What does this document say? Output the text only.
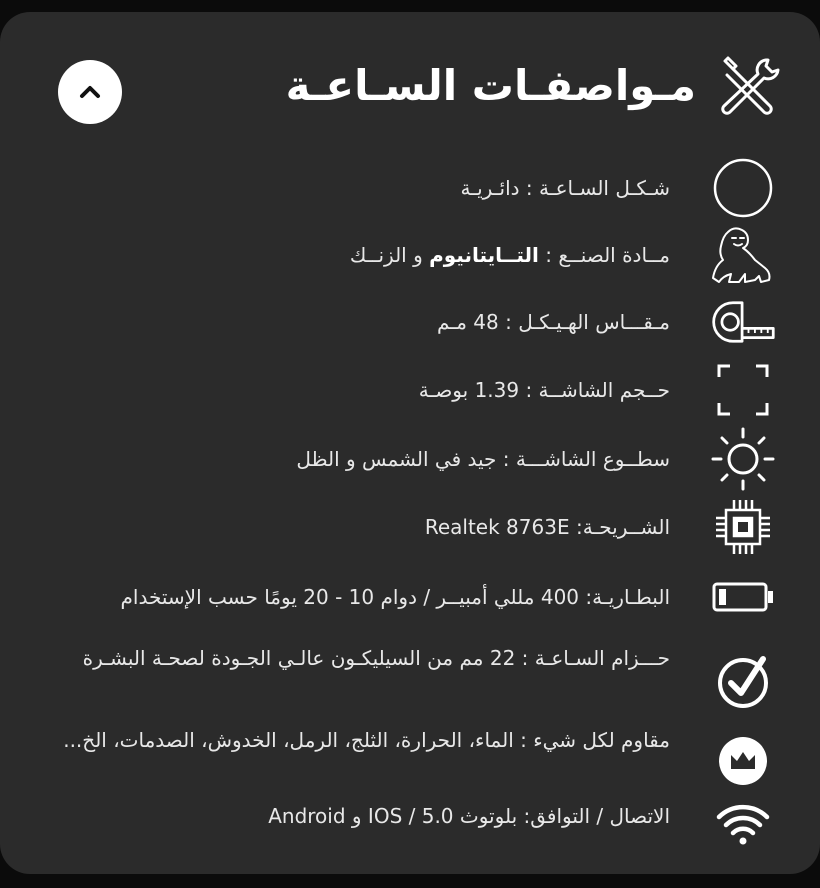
مـواصفـات السـاعـة
شـكـل السـاعـة : دائـريـة
مــادة الصنــع : التــايتانيوم و الزنــك
مـقـــاس الهـيـكـل : 48 مـم
حــجم الشاشــة : 1.39 بوصـة
سطــوع الشاشـــة : جيد في الشمس و الظل
الشــريحـة: Realtek 8763E
البطـاريـة: 400 مللي أمبيــر / دوام 10 - 20 يومًا حسب الإستخدام
حـــزام السـاعـة : 22 مم من السيليكـون عالـي الجـودة لصحـة البشـرة
مقاوم لكل شيء : الماء، الحرارة، الثلج، الرمل، الخدوش، الصدمات، الخ...
الاتصال / التوافق: بلوتوث 5.0 / IOS و Android
